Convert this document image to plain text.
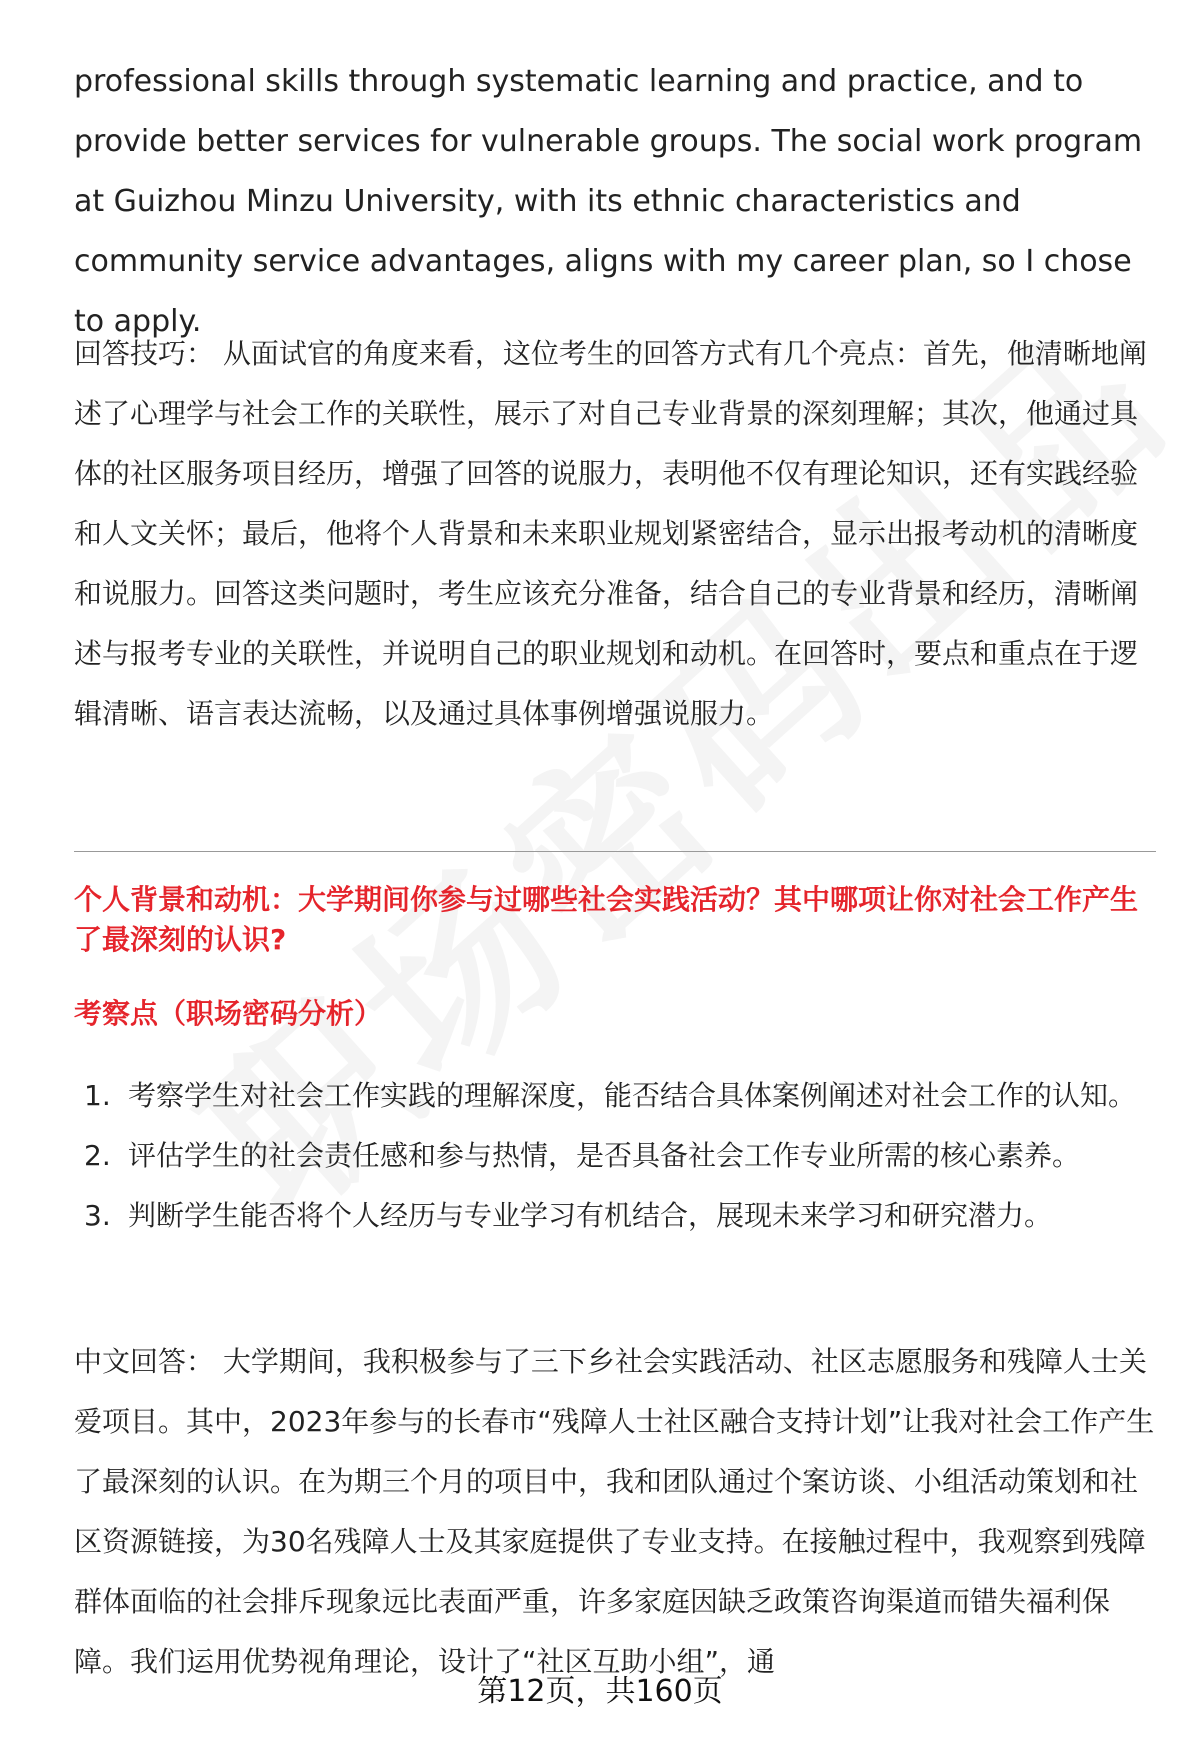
professional skills through systematic learning and practice, and to provide better services for vulnerable groups. The social work program at Guizhou Minzu University, with its ethnic characteristics and community service advantages, aligns with my career plan, so I chose to apply.
回答技巧： 从面试官的角度来看，这位考生的回答方式有几个亮点：首先，他清晰地阐述了心理学与社会工作的关联性，展示了对自己专业背景的深刻理解；其次，他通过具体的社区服务项目经历，增强了回答的说服力，表明他不仅有理论知识，还有实践经验和人文关怀；最后，他将个人背景和未来职业规划紧密结合，显示出报考动机的清晰度和说服力。回答这类问题时，考生应该充分准备，结合自己的专业背景和经历，清晰阐述与报考专业的关联性，并说明自己的职业规划和动机。在回答时，要点和重点在于逻辑清晰、语言表达流畅，以及通过具体事例增强说服力。
个人背景和动机：大学期间你参与过哪些社会实践活动？其中哪项让你对社会工作产生了最深刻的认识?
考察点（职场密码分析）
1. 考察学生对社会工作实践的理解深度，能否结合具体案例阐述对社会工作的认知。
2. 评估学生的社会责任感和参与热情，是否具备社会工作专业所需的核心素养。
3. 判断学生能否将个人经历与专业学习有机结合，展现未来学习和研究潜力。
中文回答： 大学期间，我积极参与了三下乡社会实践活动、社区志愿服务和残障人士关爱项目。其中，2023年参与的长春市“残障人士社区融合支持计划”让我对社会工作产生了最深刻的认识。在为期三个月的项目中，我和团队通过个案访谈、小组活动策划和社区资源链接，为30名残障人士及其家庭提供了专业支持。在接触过程中，我观察到残障群体面临的社会排斥现象远比表面严重，许多家庭因缺乏政策咨询渠道而错失福利保障。我们运用优势视角理论，设计了“社区互助小组”，通
第12页，共160页
